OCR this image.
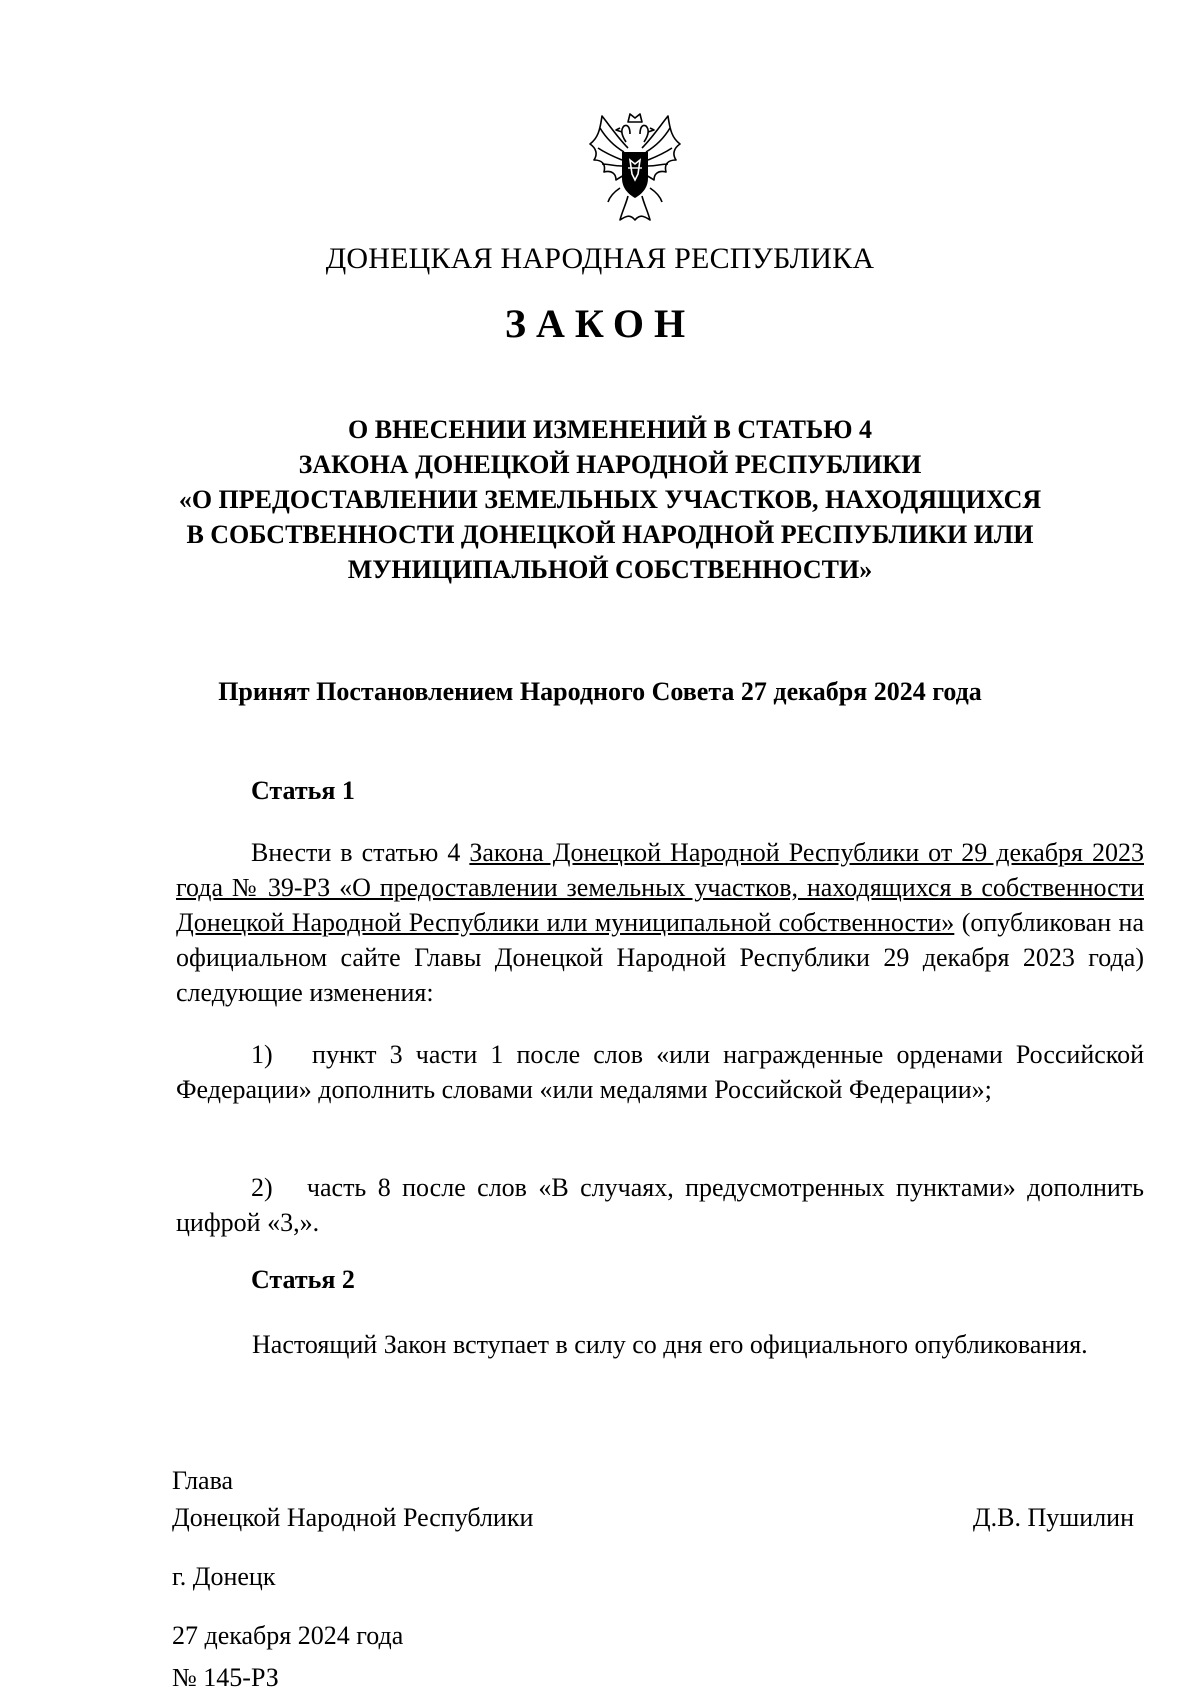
ДОНЕЦКАЯ НАРОДНАЯ РЕСПУБЛИКА
ЗАКОН
О ВНЕСЕНИИ ИЗМЕНЕНИЙ В СТАТЬЮ 4
ЗАКОНА ДОНЕЦКОЙ НАРОДНОЙ РЕСПУБЛИКИ
«О ПРЕДОСТАВЛЕНИИ ЗЕМЕЛЬНЫХ УЧАСТКОВ, НАХОДЯЩИХСЯ
В СОБСТВЕННОСТИ ДОНЕЦКОЙ НАРОДНОЙ РЕСПУБЛИКИ ИЛИ
МУНИЦИПАЛЬНОЙ СОБСТВЕННОСТИ»
Принят Постановлением Народного Совета 27 декабря 2024 года
Статья 1
Внести в статью 4 Закона Донецкой Народной Республики от 29 декабря 2023 года № 39-РЗ «О предоставлении земельных участков, находящихся в собственности Донецкой Народной Республики или муниципальной собственности» (опубликован на официальном сайте Главы Донецкой Народной Республики 29 декабря 2023 года) следующие изменения:
1)   пункт 3 части 1 после слов «или награжденные орденами Российской Федерации» дополнить словами «или медалями Российской Федерации»;
2)   часть 8 после слов «В случаях, предусмотренных пунктами» дополнить цифрой «3,».
Статья 2
Настоящий Закон вступает в силу со дня его официального опубликования.
Глава
Донецкой Народной Республики	Д.В. Пушилин
г. Донецк
27 декабря 2024 года
№ 145-РЗ
